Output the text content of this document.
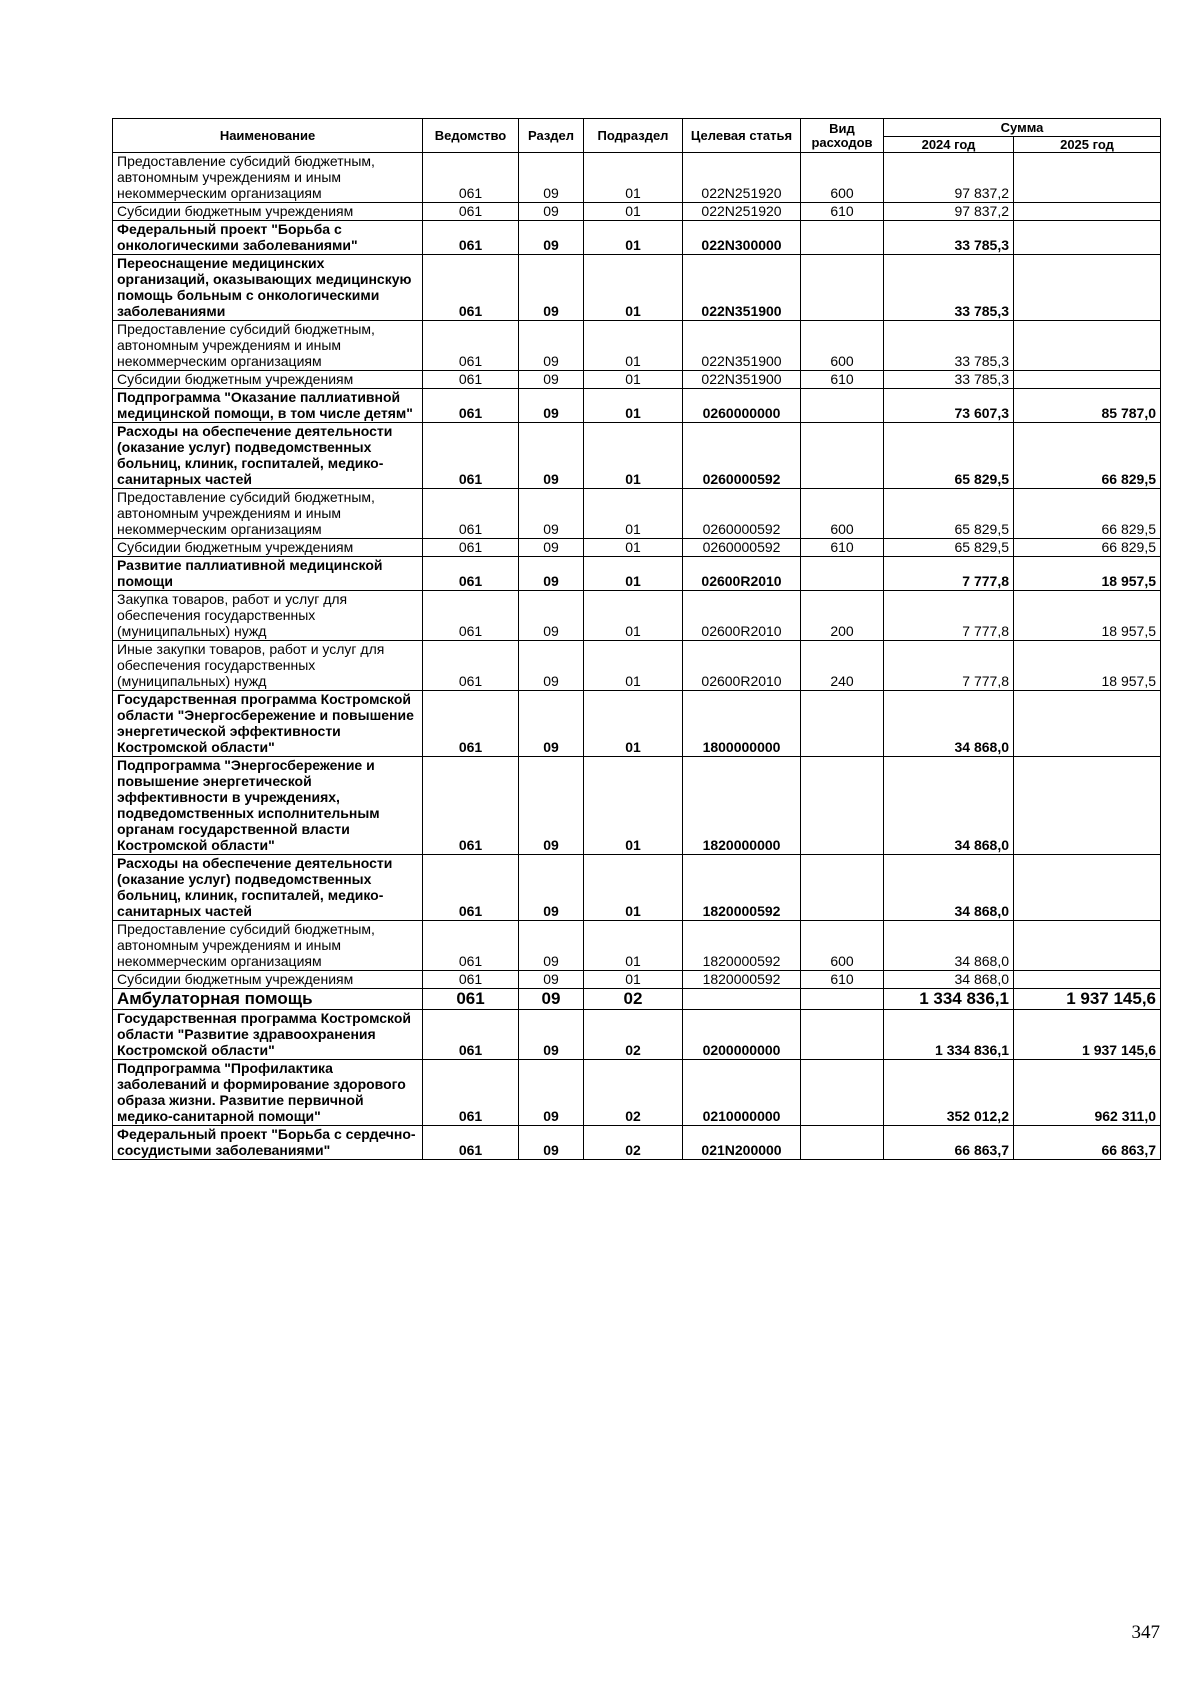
Наименование	Ведомство	Раздел	Подраздел	Целевая статья	Вид расходов	Сумма	
						2024 год	2025 год
Предоставление субсидий бюджетным, автономным учреждениям и иным некоммерческим организациям	061	09	01	022N251920	600	97 837,2	
Субсидии бюджетным учреждениям	061	09	01	022N251920	610	97 837,2	
Федеральный проект "Борьба с онкологическими заболеваниями"	061	09	01	022N300000		33 785,3	
Переоснащение медицинских организаций, оказывающих медицинскую помощь больным с онкологическими заболеваниями	061	09	01	022N351900		33 785,3	
Предоставление субсидий бюджетным, автономным учреждениям и иным некоммерческим организациям	061	09	01	022N351900	600	33 785,3	
Субсидии бюджетным учреждениям	061	09	01	022N351900	610	33 785,3	
Подпрограмма "Оказание паллиативной медицинской помощи, в том числе детям"	061	09	01	0260000000		73 607,3	85 787,0
Расходы на обеспечение деятельности (оказание услуг) подведомственных больниц, клиник, госпиталей, медико-санитарных частей	061	09	01	0260000592		65 829,5	66 829,5
Предоставление субсидий бюджетным, автономным учреждениям и иным некоммерческим организациям	061	09	01	0260000592	600	65 829,5	66 829,5
Субсидии бюджетным учреждениям	061	09	01	0260000592	610	65 829,5	66 829,5
Развитие паллиативной медицинской помощи	061	09	01	02600R2010		7 777,8	18 957,5
Закупка товаров, работ и услуг для обеспечения государственных (муниципальных) нужд	061	09	01	02600R2010	200	7 777,8	18 957,5
Иные закупки товаров, работ и услуг для обеспечения государственных (муниципальных) нужд	061	09	01	02600R2010	240	7 777,8	18 957,5
Государственная программа Костромской области "Энергосбережение и повышение энергетической эффективности Костромской области"	061	09	01	1800000000		34 868,0	
Подпрограмма "Энергосбережение и повышение энергетической эффективности в учреждениях, подведомственных исполнительным органам государственной власти Костромской области"	061	09	01	1820000000		34 868,0	
Расходы на обеспечение деятельности (оказание услуг) подведомственных больниц, клиник, госпиталей, медико-санитарных частей	061	09	01	1820000592		34 868,0	
Предоставление субсидий бюджетным, автономным учреждениям и иным некоммерческим организациям	061	09	01	1820000592	600	34 868,0	
Субсидии бюджетным учреждениям	061	09	01	1820000592	610	34 868,0	
Амбулаторная помощь	061	09	02			1 334 836,1	1 937 145,6
Государственная программа Костромской области "Развитие здравоохранения Костромской области"	061	09	02	0200000000		1 334 836,1	1 937 145,6
Подпрограмма "Профилактика заболеваний и формирование здорового образа жизни. Развитие первичной медико-санитарной помощи"	061	09	02	0210000000		352 012,2	962 311,0
Федеральный проект "Борьба с сердечно-сосудистыми заболеваниями"	061	09	02	021N200000		66 863,7	66 863,7
347
